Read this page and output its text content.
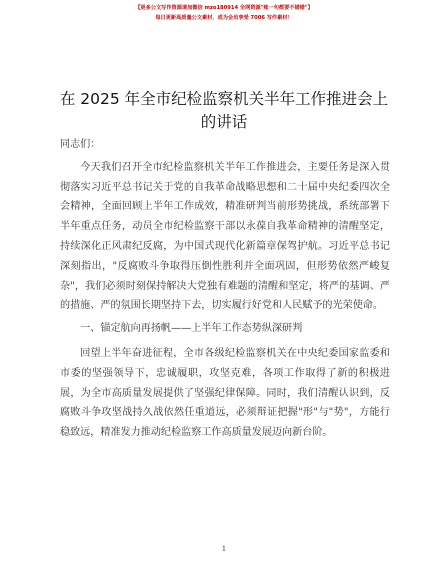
【更多公文写作资源请加微信 mzo180914 全网资源"账一句都要不错错"】
每日更新高质量公文素材，成为会员享受 7006 写作素材！
在 2025 年全市纪检监察机关半年工作推进会上
的讲话

同志们：

今天我们召开全市纪检监察机关半年工作推进会，主要任务是深入贯彻落实习近平总书记关于党的自我革命战略思想和二十届中央纪委四次全会精神，全面回顾上半年工作成效，精准研判当前形势挑战，系统部署下半年重点任务，动员全市纪检监察干部以永葆自我革命精神的清醒坚定，持续深化正风肃纪反腐，为中国式现代化新篇章保驾护航。习近平总书记深刻指出，"反腐败斗争取得压倒性胜利并全面巩固，但形势依然严峻复杂"，我们必须时刻保持解决大党独有难题的清醒和坚定，将严的基调、严的措施、严的氛围长期坚持下去，切实履行好党和人民赋予的光荣使命。

一、锚定航向再扬帆——上半年工作态势纵深研判

回望上半年奋进征程，全市各级纪检监察机关在中央纪委国家监委和市委的坚强领导下，忠诚履职，攻坚克难，各项工作取得了新的积极进展，为全市高质量发展提供了坚强纪律保障。同时，我们清醒认识到，反腐败斗争攻坚战持久战依然任重道远，必须辩证把握"形"与"势"，方能行稳致远，精准发力推动纪检监察工作高质量发展迈向新台阶。

1
